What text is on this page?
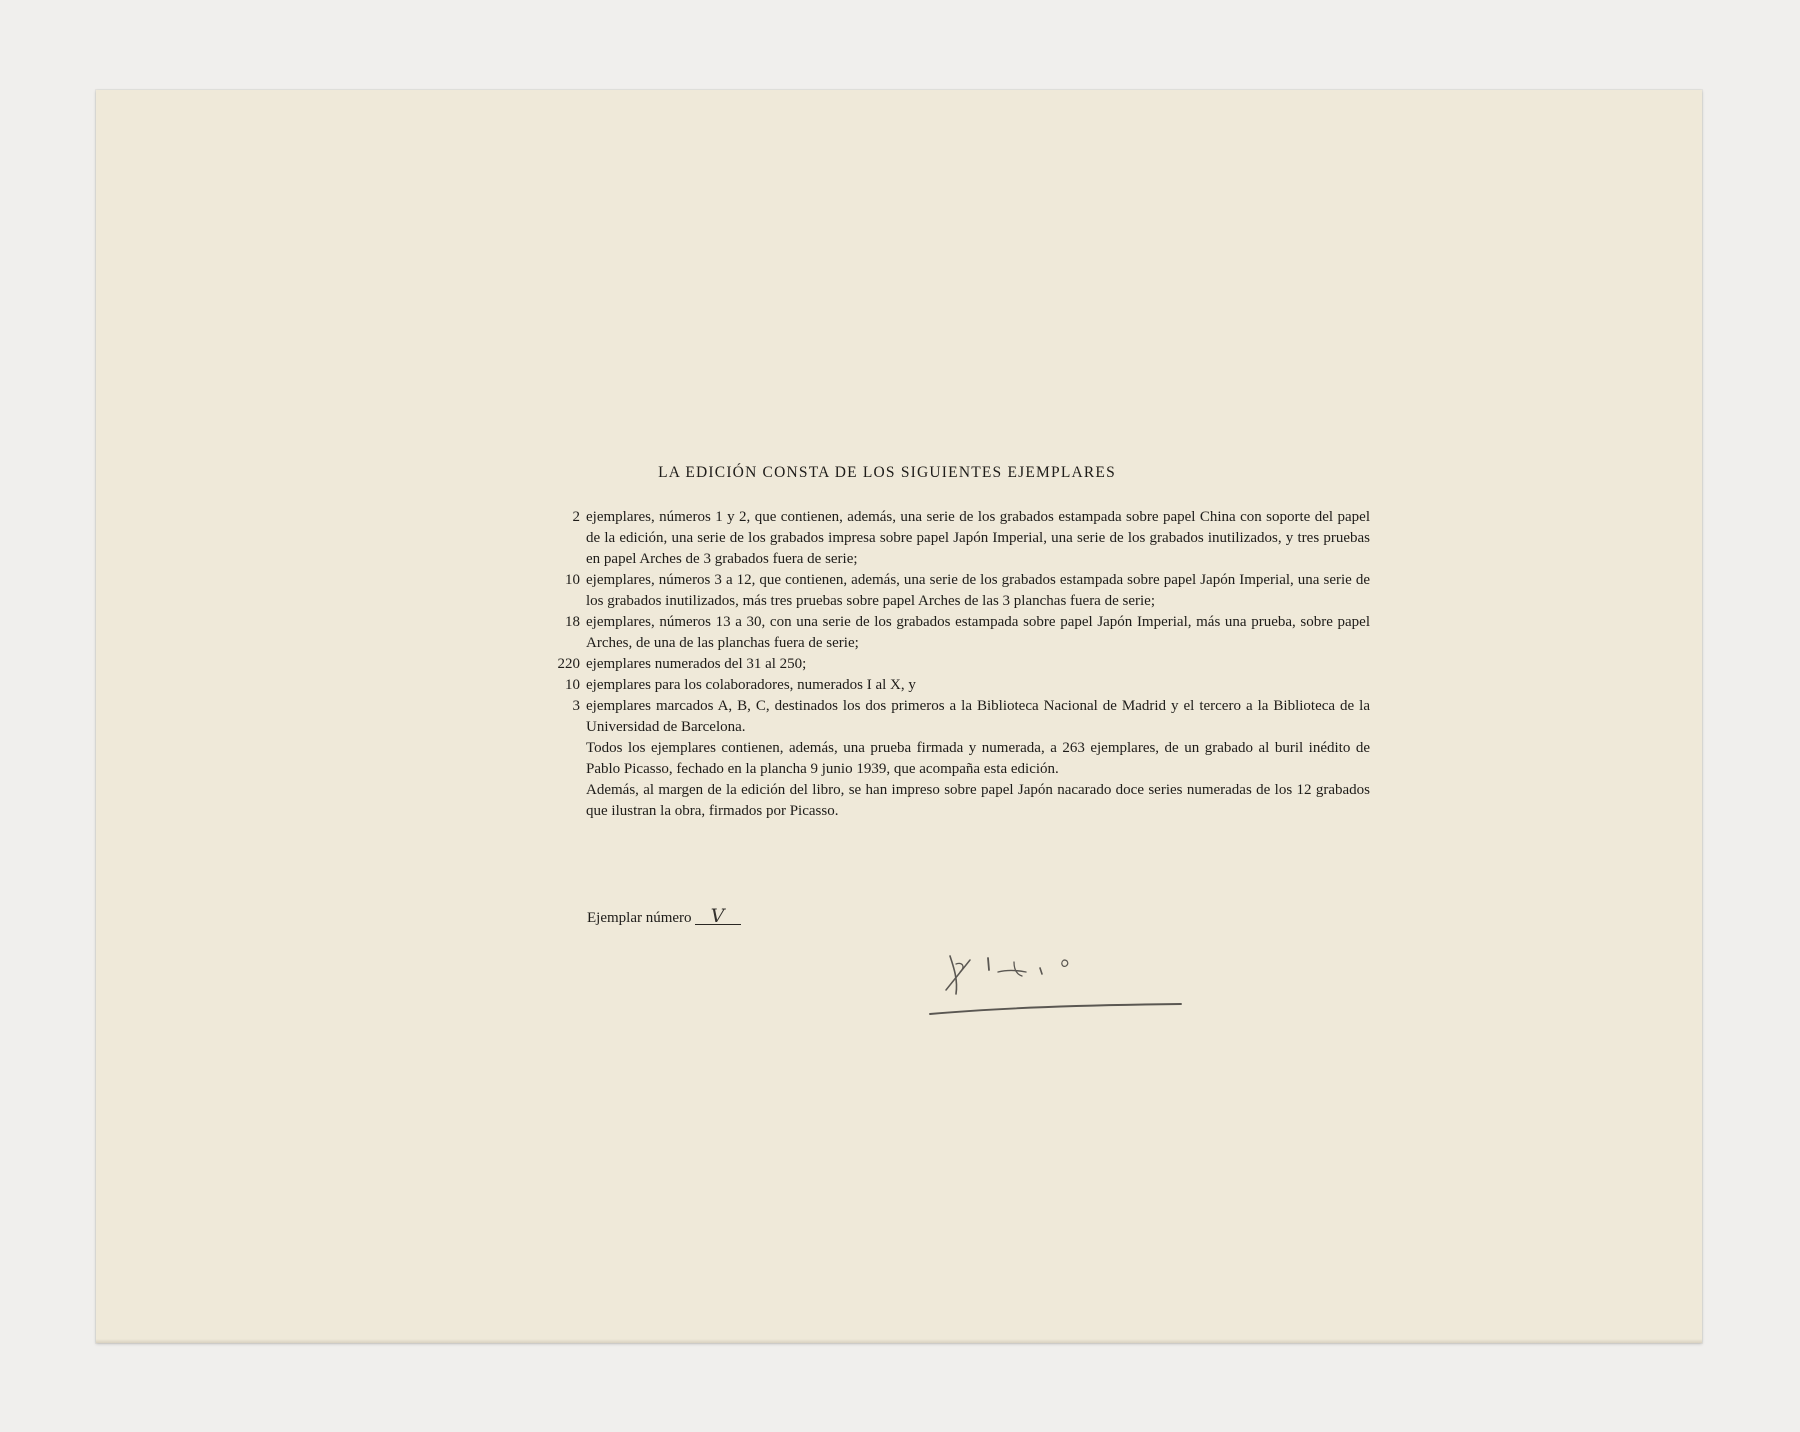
LA EDICIÓN CONSTA DE LOS SIGUIENTES EJEMPLARES

2 ejemplares, números 1 y 2, que contienen, además, una serie de los grabados estampada sobre papel China con soporte del papel de la edición, una serie de los grabados impresa sobre papel Japón Imperial, una serie de los grabados inutilizados, y tres pruebas en papel Arches de 3 grabados fuera de serie;

10 ejemplares, números 3 a 12, que contienen, además, una serie de los grabados estampada sobre papel Japón Imperial, una serie de los grabados inutilizados, más tres pruebas sobre papel Arches de las 3 planchas fuera de serie;

18 ejemplares, números 13 a 30, con una serie de los grabados estampada sobre papel Japón Imperial, más una prueba, sobre papel Arches, de una de las planchas fuera de serie;

220 ejemplares numerados del 31 al 250;

10 ejemplares para los colaboradores, numerados I al X, y

3 ejemplares marcados A, B, C, destinados los dos primeros a la Biblioteca Nacional de Madrid y el tercero a la Biblioteca de la Universidad de Barcelona.

Todos los ejemplares contienen, además, una prueba firmada y numerada, a 263 ejemplares, de un grabado al buril inédito de Pablo Picasso, fechado en la plancha 9 junio 1939, que acompaña esta edición.

Además, al margen de la edición del libro, se han impreso sobre papel Japón nacarado doce series numeradas de los 12 grabados que ilustran la obra, firmados por Picasso.

Ejemplar número	V
